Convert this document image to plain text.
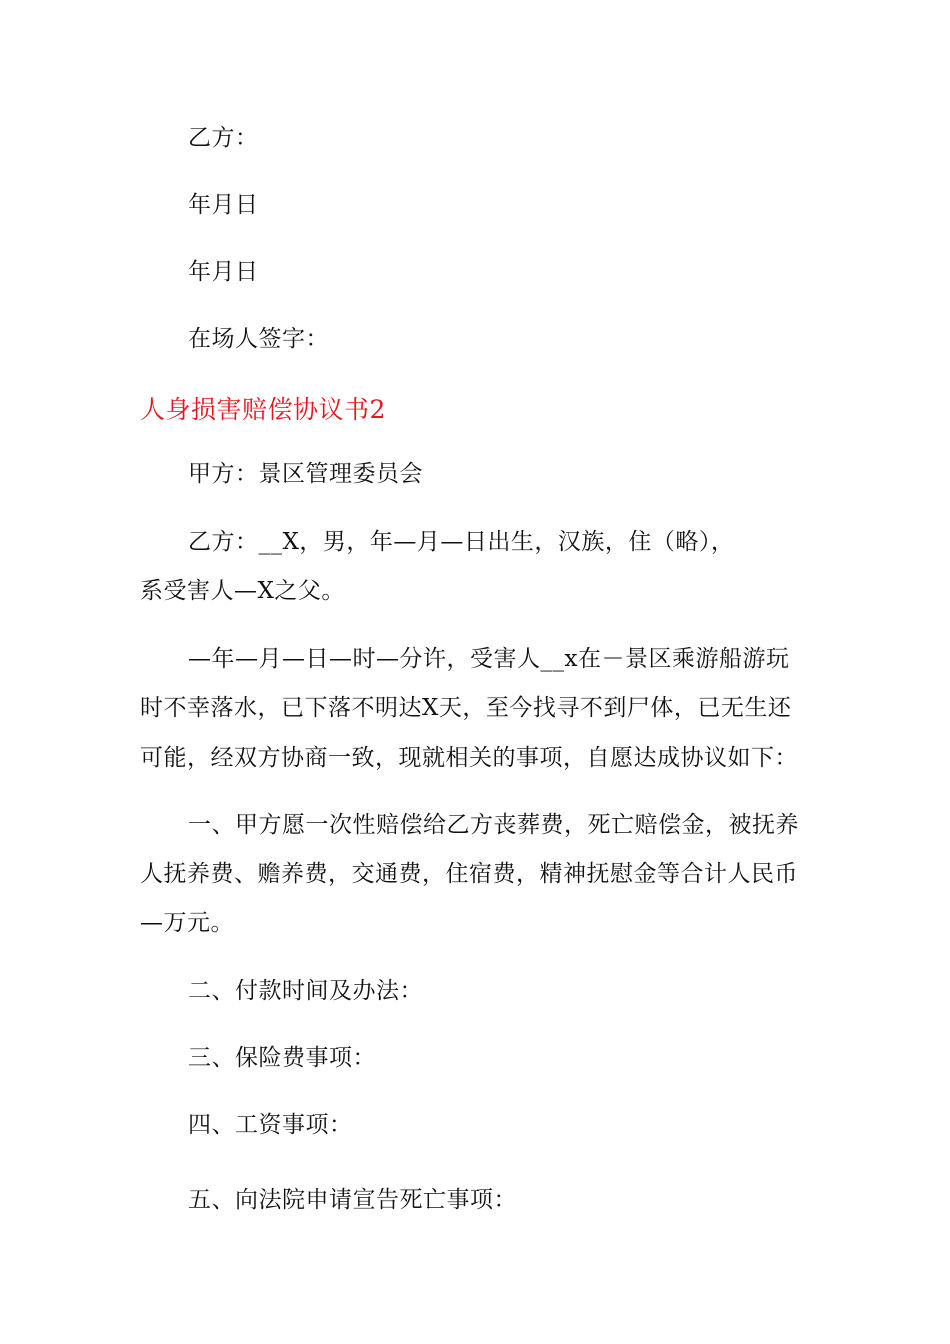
乙方：
年月日
年月日
在场人签字：
人身损害赔偿协议书2
甲方：景区管理委员会
乙方：__X，男，年—月—日出生，汉族，住（略），
系受害人—X之父。
—年—月—日—时—分许，受害人__x在－景区乘游船游玩
时不幸落水，已下落不明达X天，至今找寻不到尸体，已无生还
可能，经双方协商一致，现就相关的事项，自愿达成协议如下：
一、甲方愿一次性赔偿给乙方丧葬费，死亡赔偿金，被抚养
人抚养费、赡养费，交通费，住宿费，精神抚慰金等合计人民币
—万元。
二、付款时间及办法：
三、保险费事项：
四、工资事项：
五、向法院申请宣告死亡事项：
